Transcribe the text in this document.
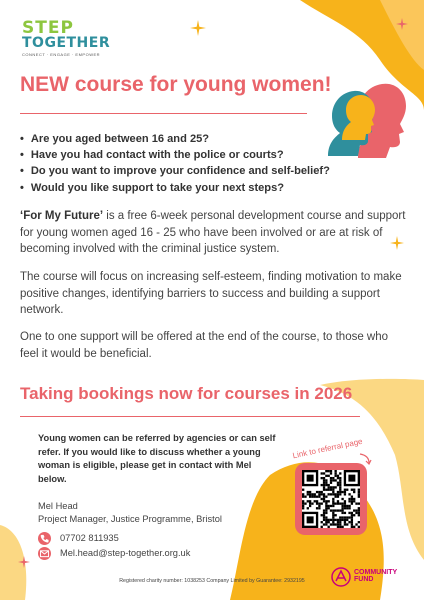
STEP
TOGETHER
CONNECT · ENGAGE · EMPOWER
NEW course for young women!
• Are you aged between 16 and 25?
• Have you had contact with the police or courts?
• Do you want to improve your confidence and self-belief?
• Would you like support to take your next steps?

‘For My Future’ is a free 6-week personal development course and support for young women aged 16 - 25 who have been involved or are at risk of becoming involved with the criminal justice system.

The course will focus on increasing self-esteem, finding motivation to make positive changes, identifying barriers to success and building a support network.

One to one support will be offered at the end of the course, to those who feel it would be beneficial.

Taking bookings now for courses in 2026

Young women can be referred by agencies or can self refer. If you would like to discuss whether a young woman is eligible, please get in contact with Mel below.

Mel Head
Project Manager, Justice Programme, Bristol
07702 811935
Mel.head@step-together.org.uk
Link to referral page
Registered charity number: 1038253 Company Limited by Guarantee: 2932195
COMMUNITY
FUND
